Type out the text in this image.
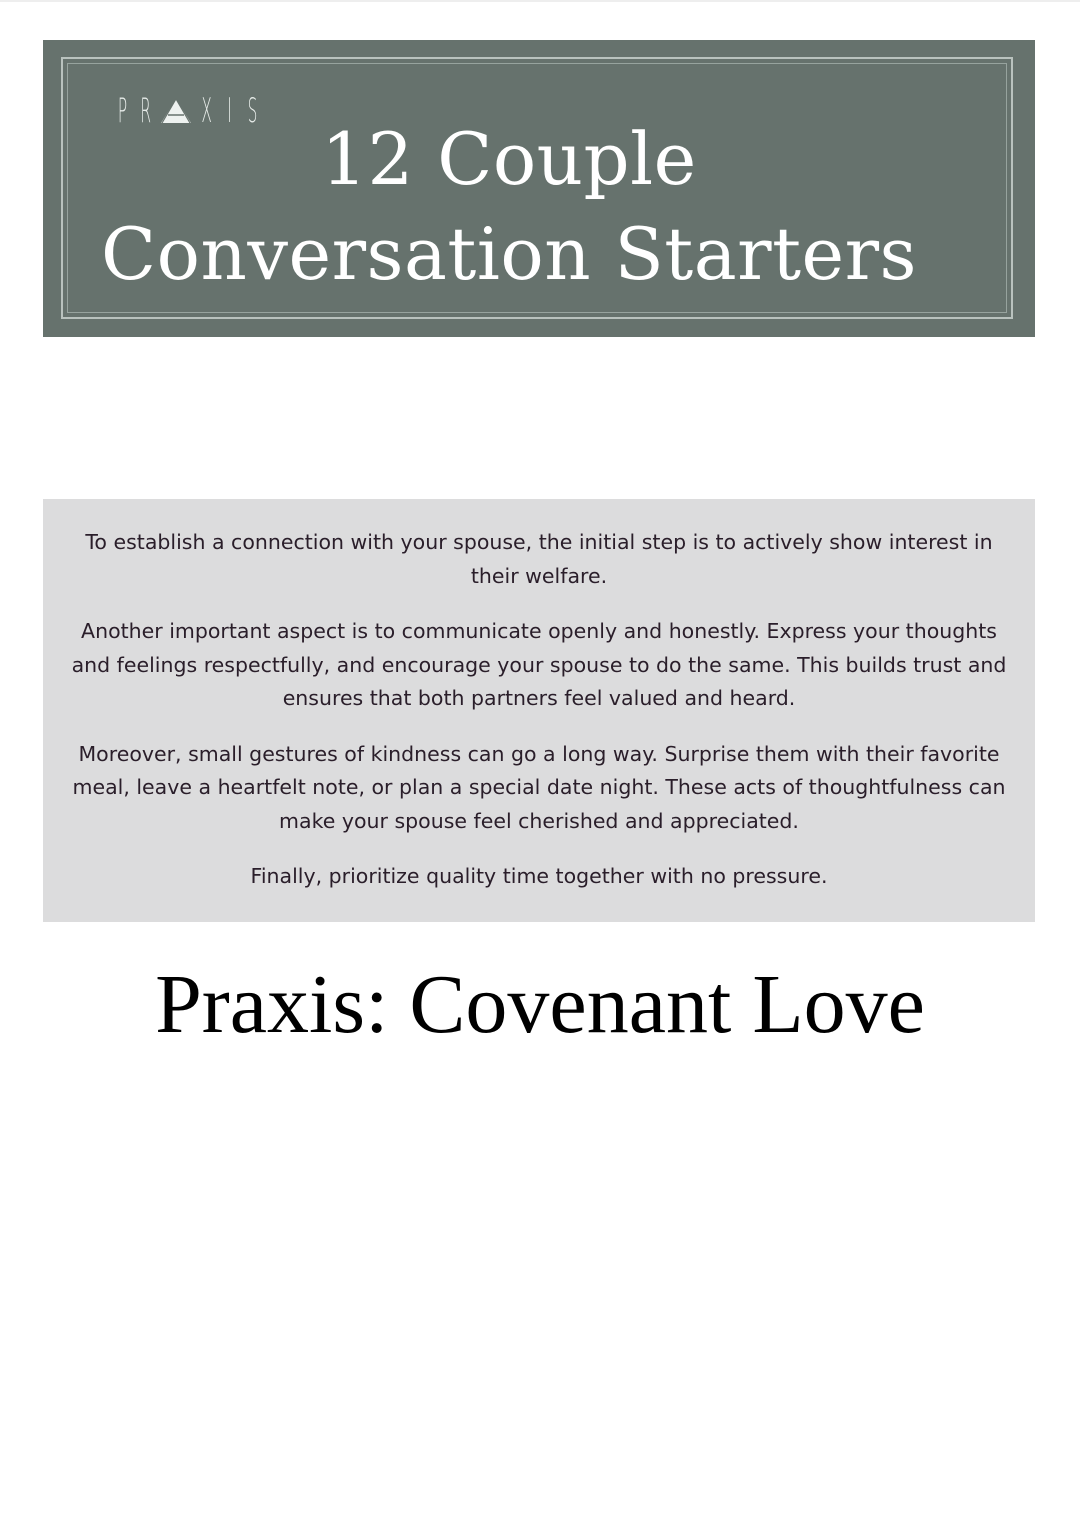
P R X I S
12 Couple
Conversation Starters

To establish a connection with your spouse, the initial step is to actively show interest in their welfare.

Another important aspect is to communicate openly and honestly. Express your thoughts and feelings respectfully, and encourage your spouse to do the same. This builds trust and ensures that both partners feel valued and heard.

Moreover, small gestures of kindness can go a long way. Surprise them with their favorite meal, leave a heartfelt note, or plan a special date night. These acts of thoughtfulness can make your spouse feel cherished and appreciated.

Finally, prioritize quality time together with no pressure.

Praxis: Covenant Love
